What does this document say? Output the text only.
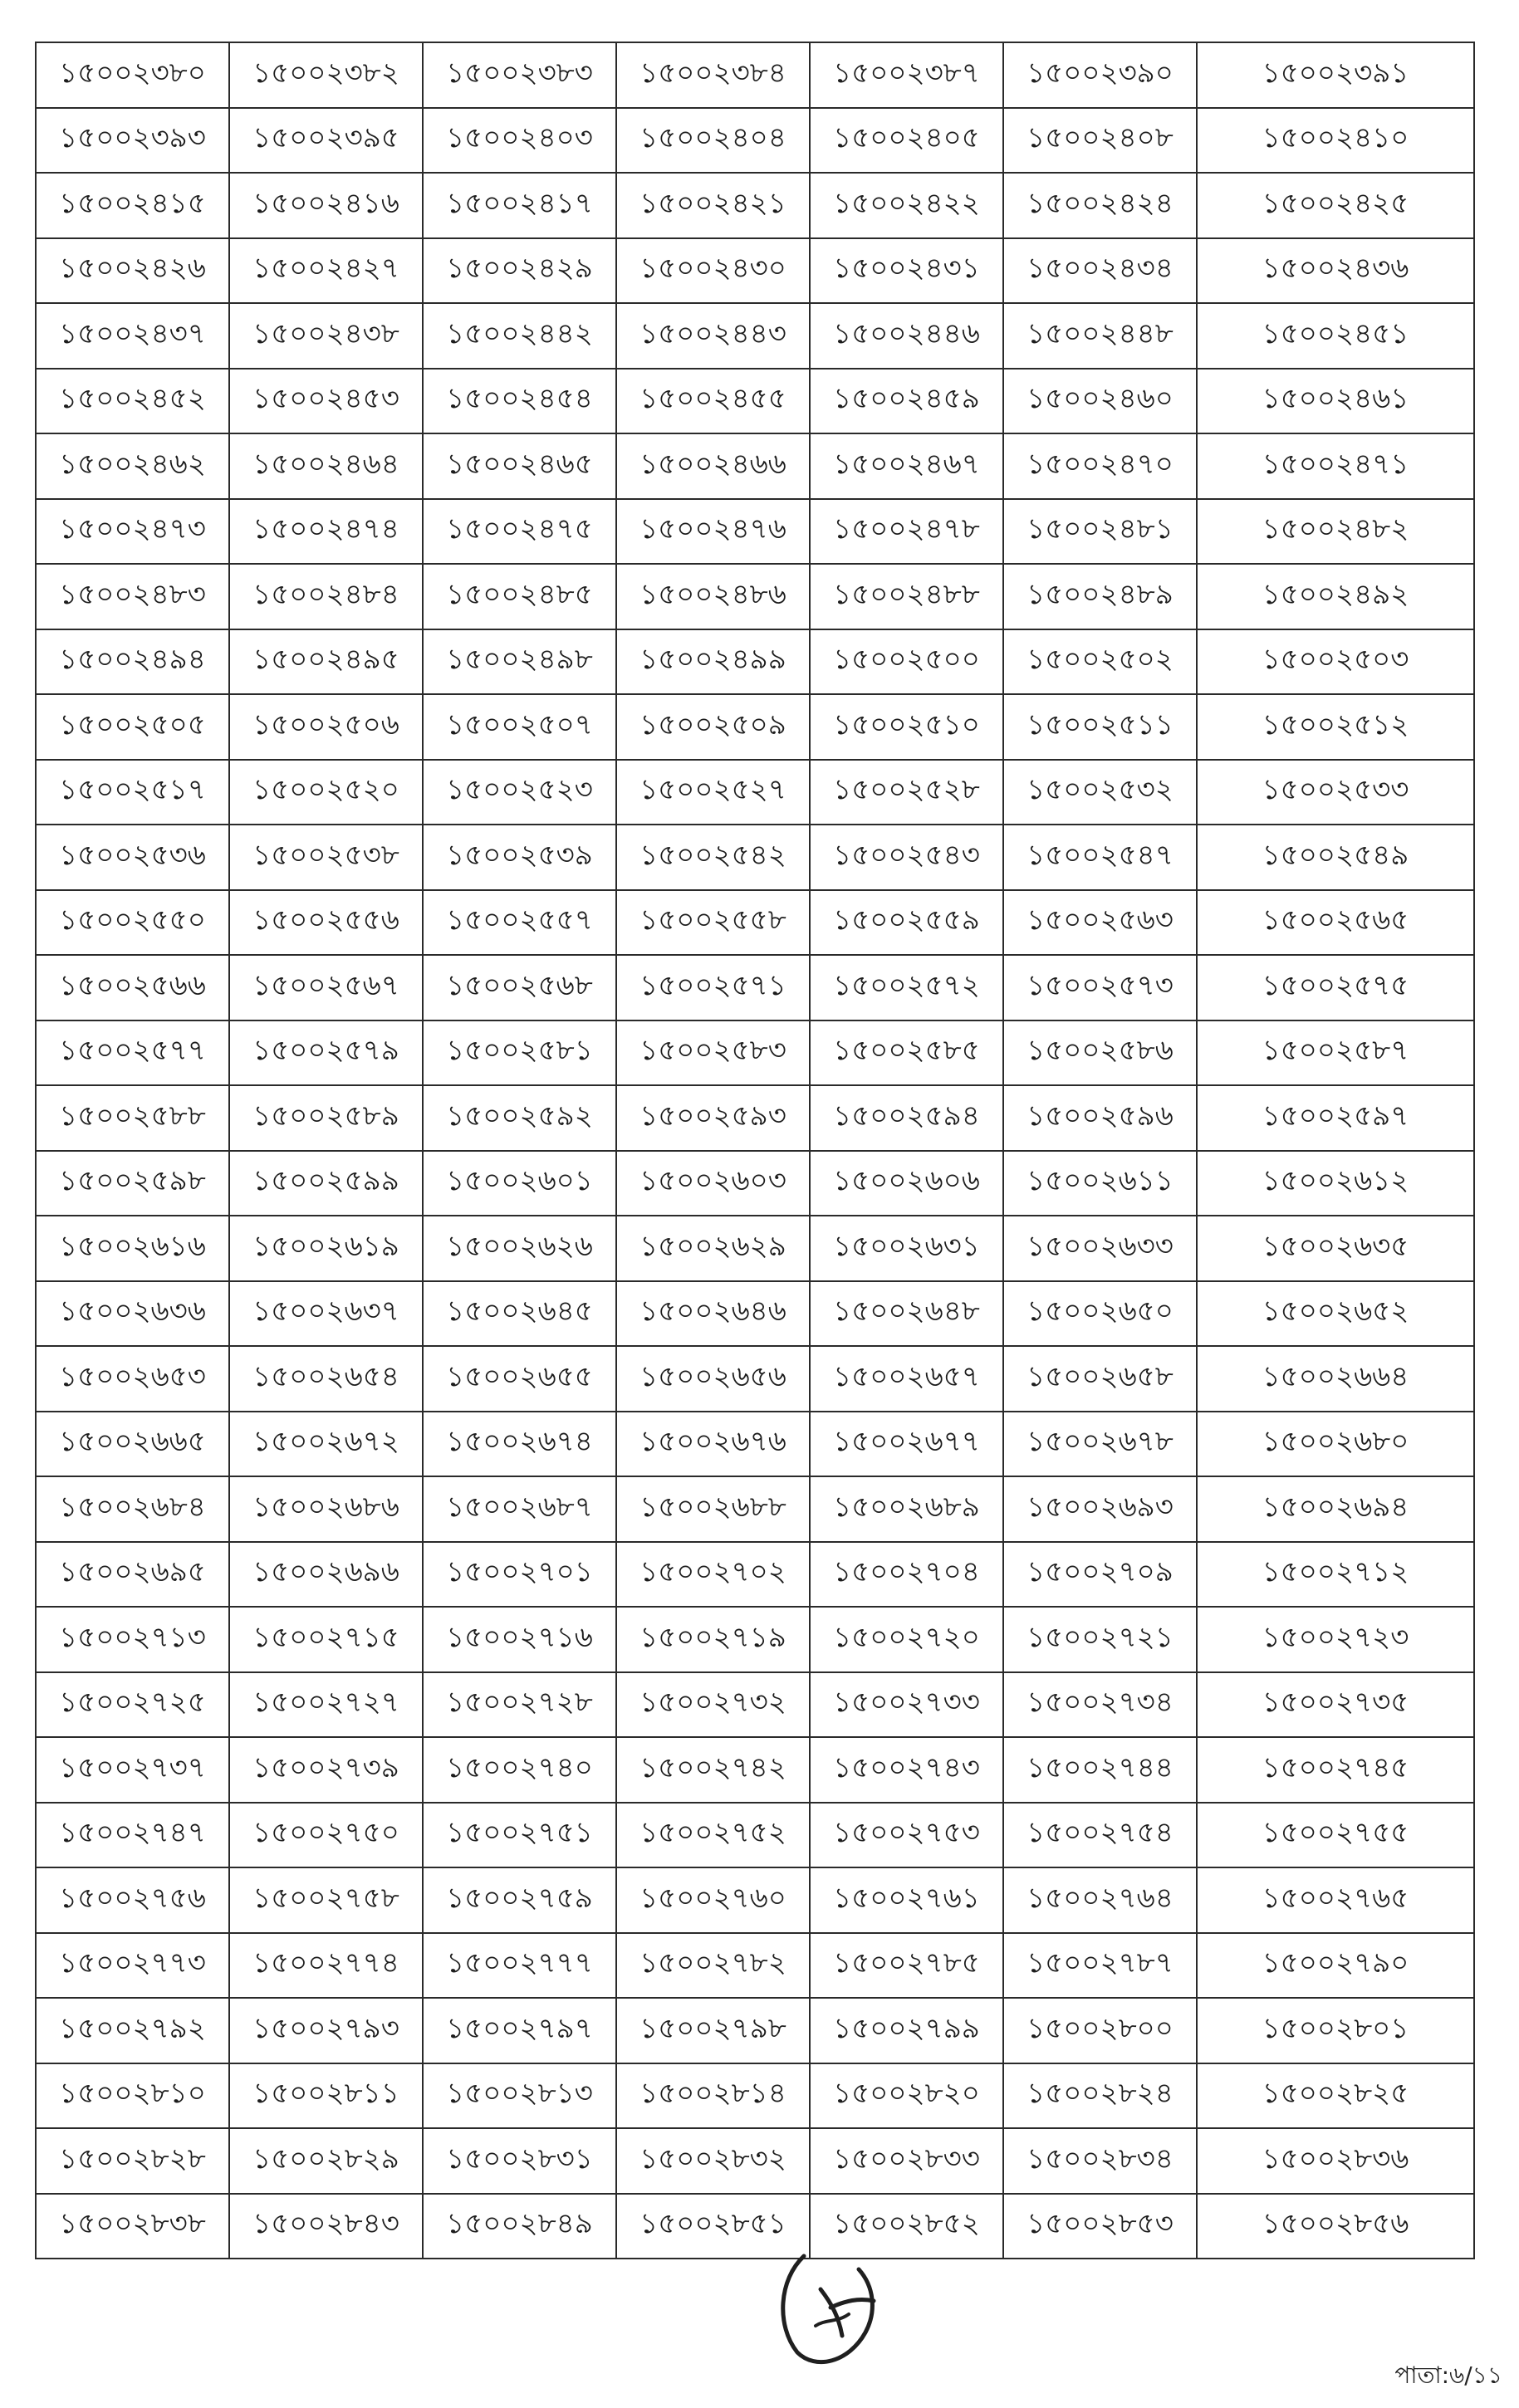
১৫০০২৩৮০	১৫০০২৩৮২	১৫০০২৩৮৩	১৫০০২৩৮৪	১৫০০২৩৮৭	১৫০০২৩৯০	১৫০০২৩৯১
১৫০০২৩৯৩	১৫০০২৩৯৫	১৫০০২৪০৩	১৫০০২৪০৪	১৫০০২৪০৫	১৫০০২৪০৮	১৫০০২৪১০
১৫০০২৪১৫	১৫০০২৪১৬	১৫০০২৪১৭	১৫০০২৪২১	১৫০০২৪২২	১৫০০২৪২৪	১৫০০২৪২৫
১৫০০২৪২৬	১৫০০২৪২৭	১৫০০২৪২৯	১৫০০২৪৩০	১৫০০২৪৩১	১৫০০২৪৩৪	১৫০০২৪৩৬
১৫০০২৪৩৭	১৫০০২৪৩৮	১৫০০২৪৪২	১৫০০২৪৪৩	১৫০০২৪৪৬	১৫০০২৪৪৮	১৫০০২৪৫১
১৫০০২৪৫২	১৫০০২৪৫৩	১৫০০২৪৫৪	১৫০০২৪৫৫	১৫০০২৪৫৯	১৫০০২৪৬০	১৫০০২৪৬১
১৫০০২৪৬২	১৫০০২৪৬৪	১৫০০২৪৬৫	১৫০০২৪৬৬	১৫০০২৪৬৭	১৫০০২৪৭০	১৫০০২৪৭১
১৫০০২৪৭৩	১৫০০২৪৭৪	১৫০০২৪৭৫	১৫০০২৪৭৬	১৫০০২৪৭৮	১৫০০২৪৮১	১৫০০২৪৮২
১৫০০২৪৮৩	১৫০০২৪৮৪	১৫০০২৪৮৫	১৫০০২৪৮৬	১৫০০২৪৮৮	১৫০০২৪৮৯	১৫০০২৪৯২
১৫০০২৪৯৪	১৫০০২৪৯৫	১৫০০২৪৯৮	১৫০০২৪৯৯	১৫০০২৫০০	১৫০০২৫০২	১৫০০২৫০৩
১৫০০২৫০৫	১৫০০২৫০৬	১৫০০২৫০৭	১৫০০২৫০৯	১৫০০২৫১০	১৫০০২৫১১	১৫০০২৫১২
১৫০০২৫১৭	১৫০০২৫২০	১৫০০২৫২৩	১৫০০২৫২৭	১৫০০২৫২৮	১৫০০২৫৩২	১৫০০২৫৩৩
১৫০০২৫৩৬	১৫০০২৫৩৮	১৫০০২৫৩৯	১৫০০২৫৪২	১৫০০২৫৪৩	১৫০০২৫৪৭	১৫০০২৫৪৯
১৫০০২৫৫০	১৫০০২৫৫৬	১৫০০২৫৫৭	১৫০০২৫৫৮	১৫০০২৫৫৯	১৫০০২৫৬৩	১৫০০২৫৬৫
১৫০০২৫৬৬	১৫০০২৫৬৭	১৫০০২৫৬৮	১৫০০২৫৭১	১৫০০২৫৭২	১৫০০২৫৭৩	১৫০০২৫৭৫
১৫০০২৫৭৭	১৫০০২৫৭৯	১৫০০২৫৮১	১৫০০২৫৮৩	১৫০০২৫৮৫	১৫০০২৫৮৬	১৫০০২৫৮৭
১৫০০২৫৮৮	১৫০০২৫৮৯	১৫০০২৫৯২	১৫০০২৫৯৩	১৫০০২৫৯৪	১৫০০২৫৯৬	১৫০০২৫৯৭
১৫০০২৫৯৮	১৫০০২৫৯৯	১৫০০২৬০১	১৫০০২৬০৩	১৫০০২৬০৬	১৫০০২৬১১	১৫০০২৬১২
১৫০০২৬১৬	১৫০০২৬১৯	১৫০০২৬২৬	১৫০০২৬২৯	১৫০০২৬৩১	১৫০০২৬৩৩	১৫০০২৬৩৫
১৫০০২৬৩৬	১৫০০২৬৩৭	১৫০০২৬৪৫	১৫০০২৬৪৬	১৫০০২৬৪৮	১৫০০২৬৫০	১৫০০২৬৫২
১৫০০২৬৫৩	১৫০০২৬৫৪	১৫০০২৬৫৫	১৫০০২৬৫৬	১৫০০২৬৫৭	১৫০০২৬৫৮	১৫০০২৬৬৪
১৫০০২৬৬৫	১৫০০২৬৭২	১৫০০২৬৭৪	১৫০০২৬৭৬	১৫০০২৬৭৭	১৫০০২৬৭৮	১৫০০২৬৮০
১৫০০২৬৮৪	১৫০০২৬৮৬	১৫০০২৬৮৭	১৫০০২৬৮৮	১৫০০২৬৮৯	১৫০০২৬৯৩	১৫০০২৬৯৪
১৫০০২৬৯৫	১৫০০২৬৯৬	১৫০০২৭০১	১৫০০২৭০২	১৫০০২৭০৪	১৫০০২৭০৯	১৫০০২৭১২
১৫০০২৭১৩	১৫০০২৭১৫	১৫০০২৭১৬	১৫০০২৭১৯	১৫০০২৭২০	১৫০০২৭২১	১৫০০২৭২৩
১৫০০২৭২৫	১৫০০২৭২৭	১৫০০২৭২৮	১৫০০২৭৩২	১৫০০২৭৩৩	১৫০০২৭৩৪	১৫০০২৭৩৫
১৫০০২৭৩৭	১৫০০২৭৩৯	১৫০০২৭৪০	১৫০০২৭৪২	১৫০০২৭৪৩	১৫০০২৭৪৪	১৫০০২৭৪৫
১৫০০২৭৪৭	১৫০০২৭৫০	১৫০০২৭৫১	১৫০০২৭৫২	১৫০০২৭৫৩	১৫০০২৭৫৪	১৫০০২৭৫৫
১৫০০২৭৫৬	১৫০০২৭৫৮	১৫০০২৭৫৯	১৫০০২৭৬০	১৫০০২৭৬১	১৫০০২৭৬৪	১৫০০২৭৬৫
১৫০০২৭৭৩	১৫০০২৭৭৪	১৫০০২৭৭৭	১৫০০২৭৮২	১৫০০২৭৮৫	১৫০০২৭৮৭	১৫০০২৭৯০
১৫০০২৭৯২	১৫০০২৭৯৩	১৫০০২৭৯৭	১৫০০২৭৯৮	১৫০০২৭৯৯	১৫০০২৮০০	১৫০০২৮০১
১৫০০২৮১০	১৫০০২৮১১	১৫০০২৮১৩	১৫০০২৮১৪	১৫০০২৮২০	১৫০০২৮২৪	১৫০০২৮২৫
১৫০০২৮২৮	১৫০০২৮২৯	১৫০০২৮৩১	১৫০০২৮৩২	১৫০০২৮৩৩	১৫০০২৮৩৪	১৫০০২৮৩৬
১৫০০২৮৩৮	১৫০০২৮৪৩	১৫০০২৮৪৯	১৫০০২৮৫১	১৫০০২৮৫২	১৫০০২৮৫৩	১৫০০২৮৫৬
পাতা:৬/১১
